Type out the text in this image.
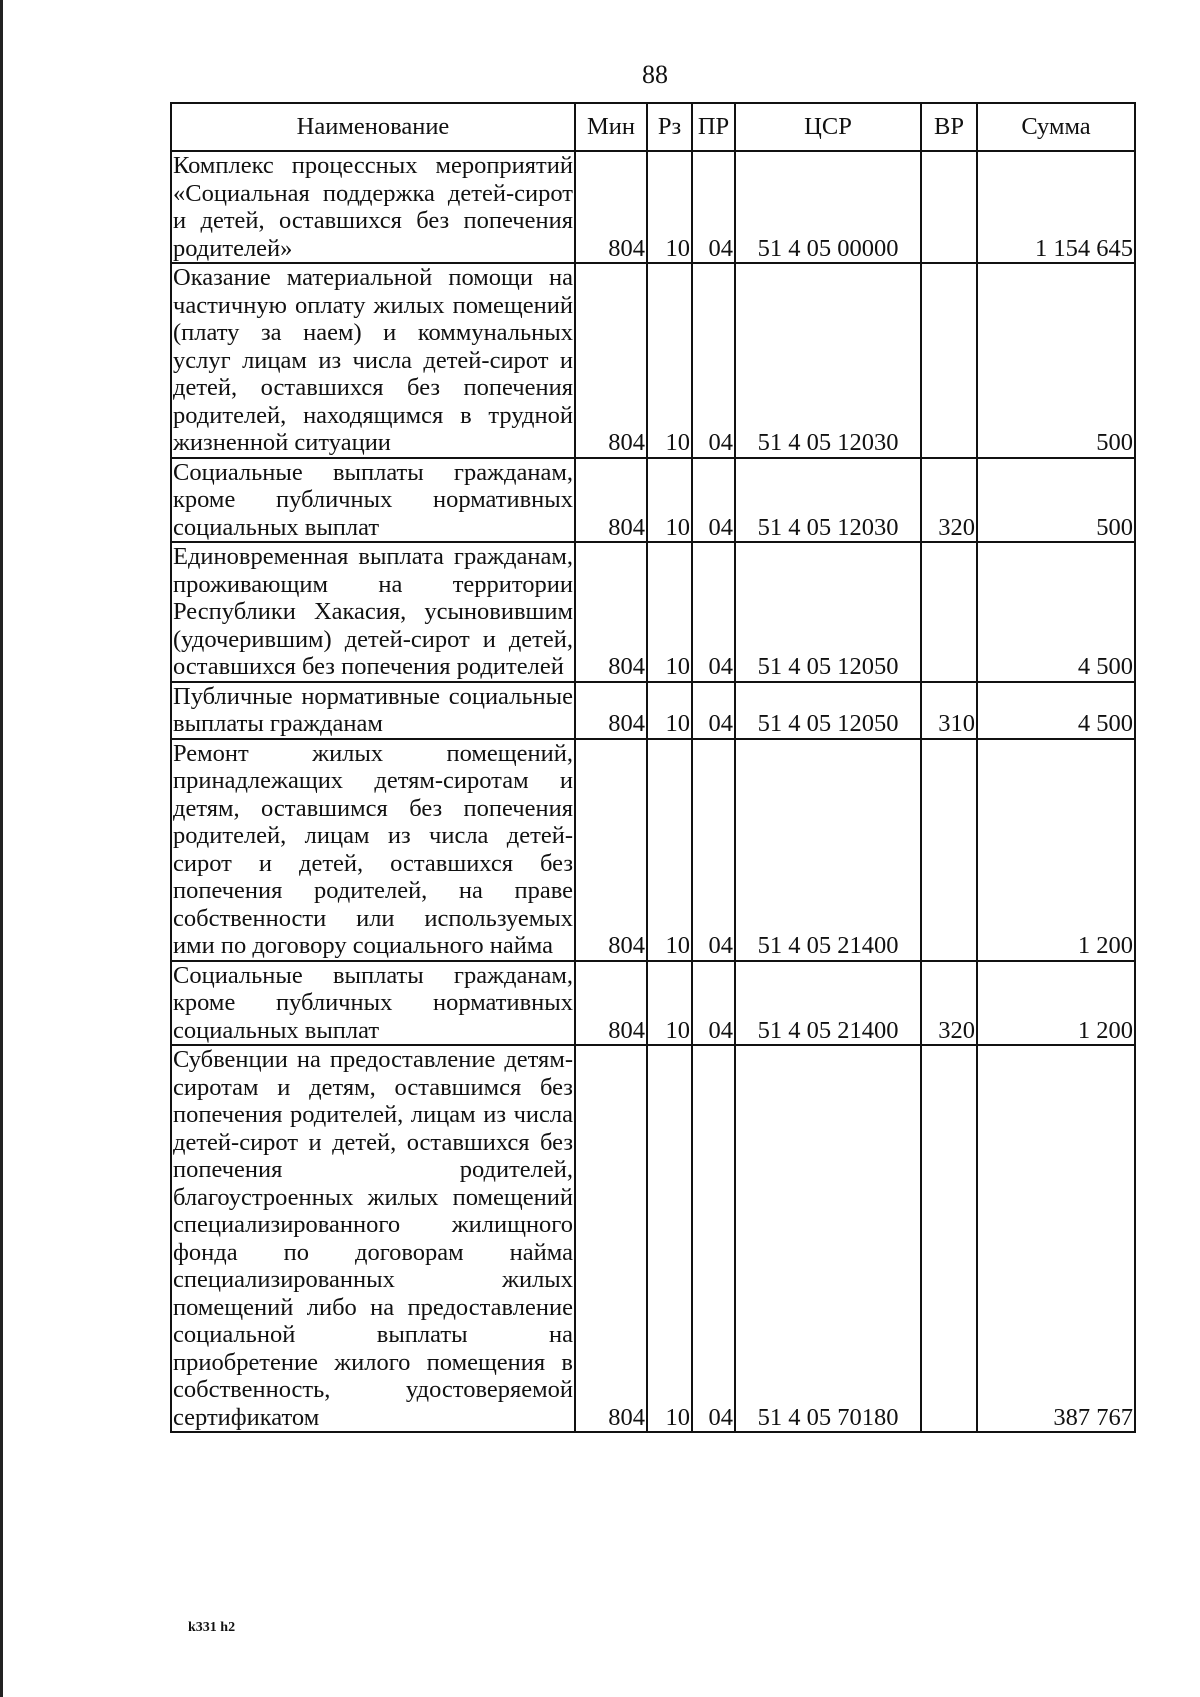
88
Наименование	Мин	Рз	ПР	ЦСР	ВР	Сумма
Комплекс процессных мероприятий «Социальная поддержка детей-сирот и детей, оставшихся без попечения родителей»	804	10	04	51 4 05 00000		1 154 645
Оказание материальной помощи на частичную оплату жилых помещений (плату за наем) и коммунальных услуг лицам из числа детей-сирот и детей, оставшихся без попечения родителей, находящимся в трудной жизненной ситуации	804	10	04	51 4 05 12030		500
Социальные выплаты гражданам, кроме публичных нормативных социальных выплат	804	10	04	51 4 05 12030	320	500
Единовременная выплата гражданам, проживающим на территории Республики Хакасия, усыновившим (удочерившим) детей-сирот и детей, оставшихся без попечения родителей	804	10	04	51 4 05 12050		4 500
Публичные нормативные социальные выплаты гражданам	804	10	04	51 4 05 12050	310	4 500
Ремонт жилых помещений, принадлежащих детям-сиротам и детям, оставшимся без попечения родителей, лицам из числа детей-сирот и детей, оставшихся без попечения родителей, на праве собственности или используемых ими по договору социального найма	804	10	04	51 4 05 21400		1 200
Социальные выплаты гражданам, кроме публичных нормативных социальных выплат	804	10	04	51 4 05 21400	320	1 200
Субвенции на предоставление детям-сиротам и детям, оставшимся без попечения родителей, лицам из числа детей-сирот и детей, оставшихся без попечения родителей, благоустроенных жилых помещений специализированного жилищного фонда по договорам найма специализированных жилых помещений либо на предоставление социальной выплаты на приобретение жилого помещения в собственность, удостоверяемой сертификатом	804	10	04	51 4 05 70180		387 767
k331 h2
